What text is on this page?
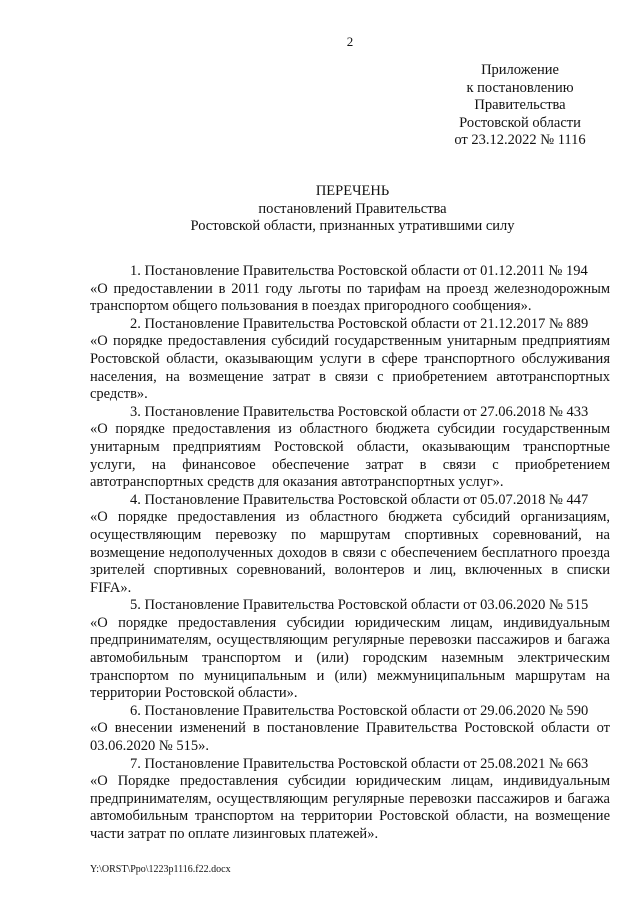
2
Приложение
к постановлению
Правительства
Ростовской области
от 23.12.2022 № 1116
ПЕРЕЧЕНЬ
постановлений Правительства
Ростовской области, признанных утратившими силу
1. Постановление Правительства Ростовской области от 01.12.2011 № 194
«О предоставлении в 2011 году льготы по тарифам на проезд железнодорожным транспортом общего пользования в поездах пригородного сообщения».
2. Постановление Правительства Ростовской области от 21.12.2017 № 889
«О порядке предоставления субсидий государственным унитарным предприятиям Ростовской области, оказывающим услуги в сфере транспортного обслуживания населения, на возмещение затрат в связи с приобретением автотранспортных средств».
3. Постановление Правительства Ростовской области от 27.06.2018 № 433
«О порядке предоставления из областного бюджета субсидии государственным унитарным предприятиям Ростовской области, оказывающим транспортные услуги, на финансовое обеспечение затрат в связи с приобретением автотранспортных средств для оказания автотранспортных услуг».
4. Постановление Правительства Ростовской области от 05.07.2018 № 447
«О порядке предоставления из областного бюджета субсидий организациям, осуществляющим перевозку по маршрутам спортивных соревнований, на возмещение недополученных доходов в связи с обеспечением бесплатного проезда зрителей спортивных соревнований, волонтеров и лиц, включенных в списки FIFA».
5. Постановление Правительства Ростовской области от 03.06.2020 № 515
«О порядке предоставления субсидии юридическим лицам, индивидуальным предпринимателям, осуществляющим регулярные перевозки пассажиров и багажа автомобильным транспортом и (или) городским наземным электрическим транспортом по муниципальным и (или) межмуниципальным маршрутам на территории Ростовской области».
6. Постановление Правительства Ростовской области от 29.06.2020 № 590
«О внесении изменений в постановление Правительства Ростовской области от 03.06.2020 № 515».
7. Постановление Правительства Ростовской области от 25.08.2021 № 663
«О Порядке предоставления субсидии юридическим лицам, индивидуальным предпринимателям, осуществляющим регулярные перевозки пассажиров и багажа автомобильным транспортом на территории Ростовской области, на возмещение части затрат по оплате лизинговых платежей».
Y:\ORST\Ppo\1223p1116.f22.docx
